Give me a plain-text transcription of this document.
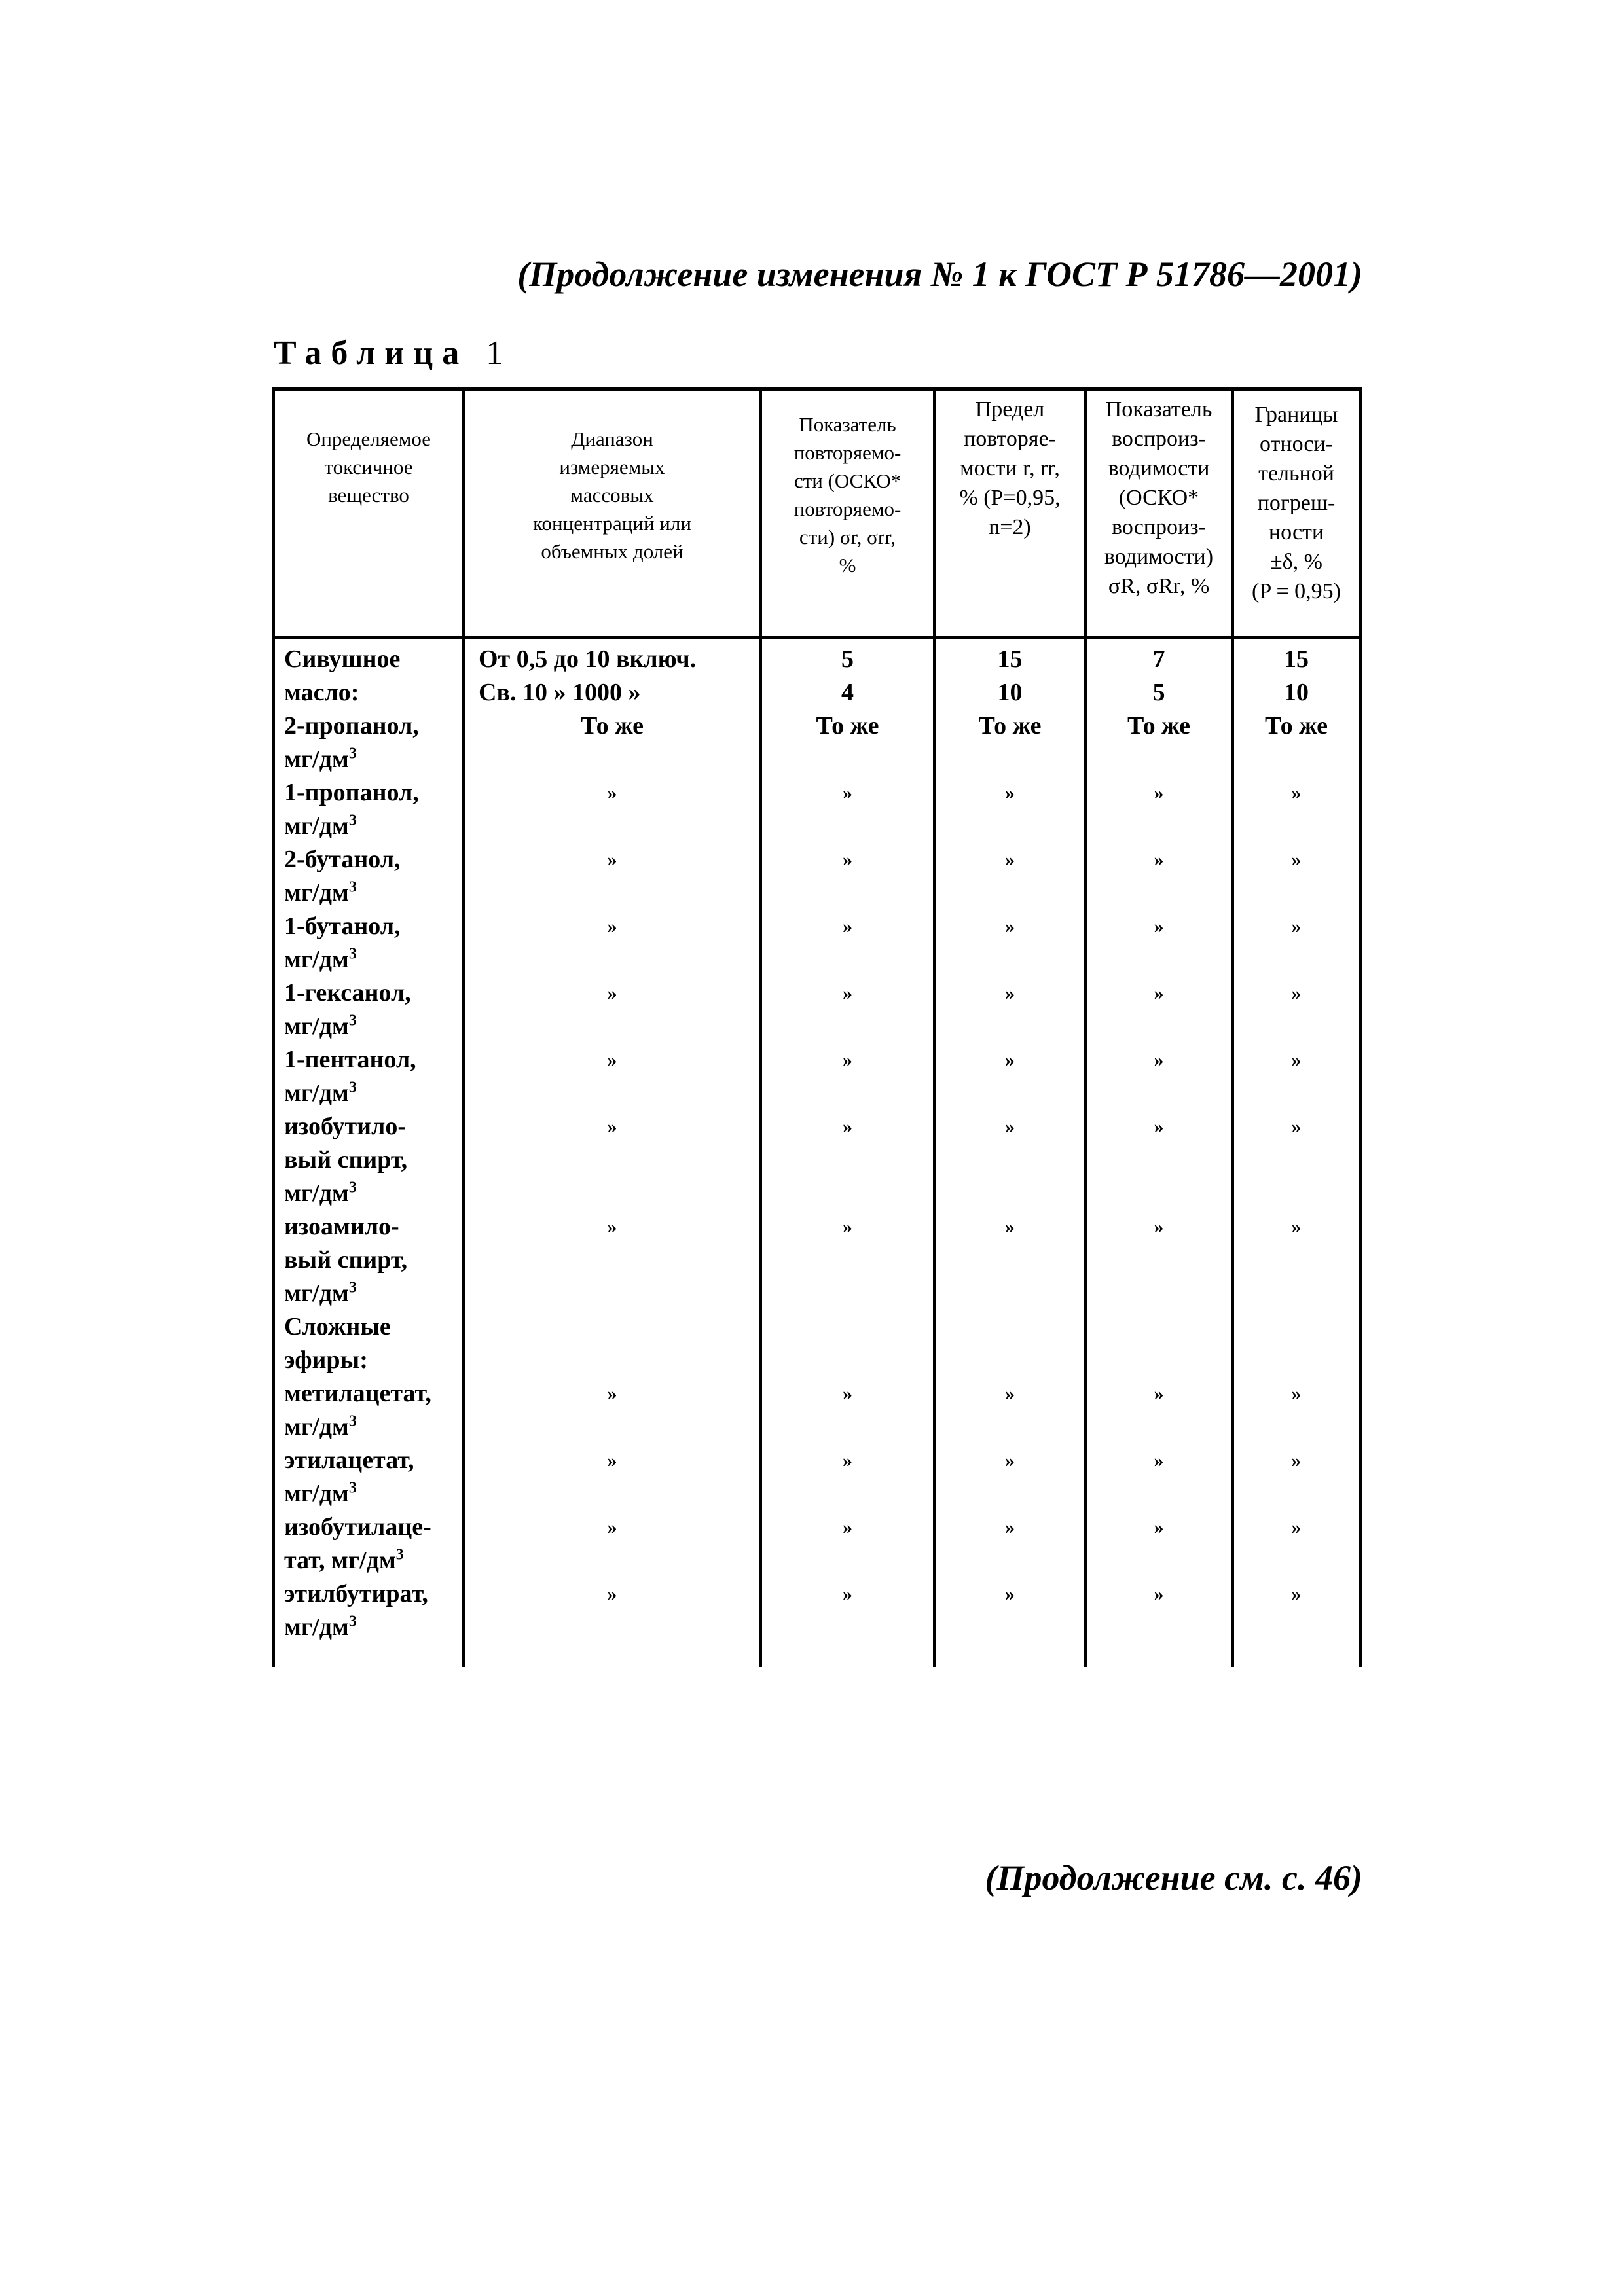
(Продолжение изменения № 1 к ГОСТ Р 51786—2001)
Таблица 1
Определяемое
токсичное
вещество
Диапазон
измеряемых
массовых
концентраций или
объемных долей
Показатель
повторяемо-
сти (ОСКО*
повторяемо-
сти) σr, σrr,
%
Предел
повторяе-
мости r, rr,
% (P=0,95,
n=2)
Показатель
воспроиз-
водимости
(ОСКО*
воспроиз-
водимости)
σR, σRr, %
Границы
относи-
тельной
погреш-
ности
±δ, %
(P = 0,95)
Сивушное
масло:
2-пропанол,
$мг/дм^3$
1-пропанол,
$мг/дм^3$
2-бутанол,
$мг/дм^3$
1-бутанол,
$мг/дм^3$
1-гексанол,
$мг/дм^3$
1-пентанол,
$мг/дм^3$
изобутило-
вый спирт,
$мг/дм^3$
изоамило-
вый спирт,
$мг/дм^3$
Сложные
эфиры:
метилацетат,
$мг/дм^3$
этилацетат,
$мг/дм^3$
изобутилаце-
тат, $мг/дм^3$
этилбутират,
$мг/дм^3$
От 0,5 до 10 включ.
Св. 10 » 1000 »
То же
»
»
»
»
»
»
»
»
»
»
»
5
4
То же
»
»
»
»
»
»
»
»
»
»
»
15
10
То же
»
»
»
»
»
»
»
»
»
»
»
7
5
То же
»
»
»
»
»
»
»
»
»
»
»
15
10
То же
»
»
»
»
»
»
»
»
»
»
»
(Продолжение см. с. 46)
